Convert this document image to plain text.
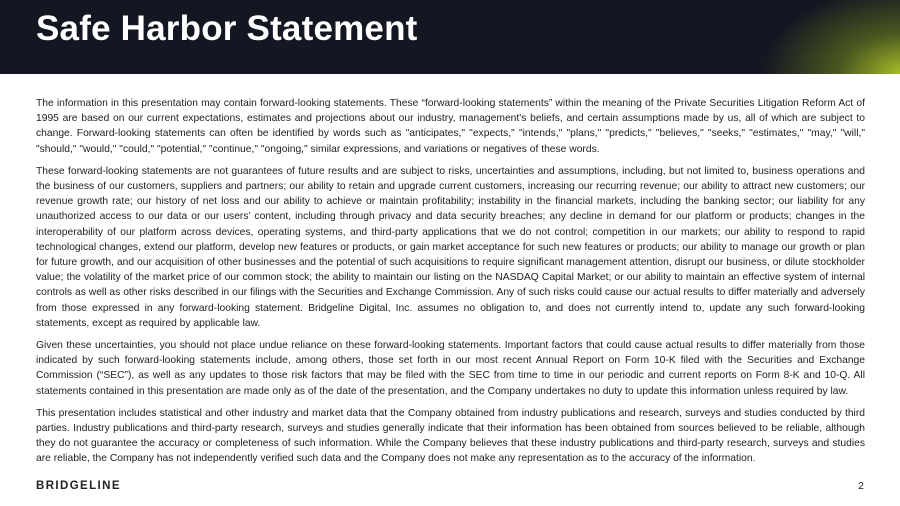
Safe Harbor Statement

The information in this presentation may contain forward-looking statements. These “forward-looking statements” within the meaning of the Private Securities Litigation Reform Act of 1995 are based on our current expectations, estimates and projections about our industry, management's beliefs, and certain assumptions made by us, all of which are subject to change. Forward-looking statements can often be identified by words such as "anticipates," "expects," "intends," "plans," "predicts," "believes," "seeks," "estimates," "may," "will," "should," "would," "could," "potential," "continue," "ongoing," similar expressions, and variations or negatives of these words.

These forward-looking statements are not guarantees of future results and are subject to risks, uncertainties and assumptions, including, but not limited to, business operations and the business of our customers, suppliers and partners; our ability to retain and upgrade current customers, increasing our recurring revenue; our ability to attract new customers; our revenue growth rate; our history of net loss and our ability to achieve or maintain profitability; instability in the financial markets, including the banking sector; our liability for any unauthorized access to our data or our users’ content, including through privacy and data security breaches; any decline in demand for our platform or products; changes in the interoperability of our platform across devices, operating systems, and third-party applications that we do not control; competition in our markets; our ability to respond to rapid technological changes, extend our platform, develop new features or products, or gain market acceptance for such new features or products; our ability to manage our growth or plan for future growth, and our acquisition of other businesses and the potential of such acquisitions to require significant management attention, disrupt our business, or dilute stockholder value; the volatility of the market price of our common stock; the ability to maintain our listing on the NASDAQ Capital Market; or our ability to maintain an effective system of internal controls as well as other risks described in our filings with the Securities and Exchange Commission. Any of such risks could cause our actual results to differ materially and adversely from those expressed in any forward-looking statement. Bridgeline Digital, Inc. assumes no obligation to, and does not currently intend to, update any such forward-looking statements, except as required by applicable law.

Given these uncertainties, you should not place undue reliance on these forward-looking statements. Important factors that could cause actual results to differ materially from those indicated by such forward-looking statements include, among others, those set forth in our most recent Annual Report on Form 10-K filed with the Securities and Exchange Commission (“SEC”), as well as any updates to those risk factors that may be filed with the SEC from time to time in our periodic and current reports on Form 8-K and 10-Q. All statements contained in this presentation are made only as of the date of the presentation, and the Company undertakes no duty to update this information unless required by law.

This presentation includes statistical and other industry and market data that the Company obtained from industry publications and research, surveys and studies conducted by third parties. Industry publications and third-party research, surveys and studies generally indicate that their information has been obtained from sources believed to be reliable, although they do not guarantee the accuracy or completeness of such information. While the Company believes that these industry publications and third-party research, surveys and studies are reliable, the Company has not independently verified such data and the Company does not make any representation as to the accuracy of the information.

BRIDGELINE	2
